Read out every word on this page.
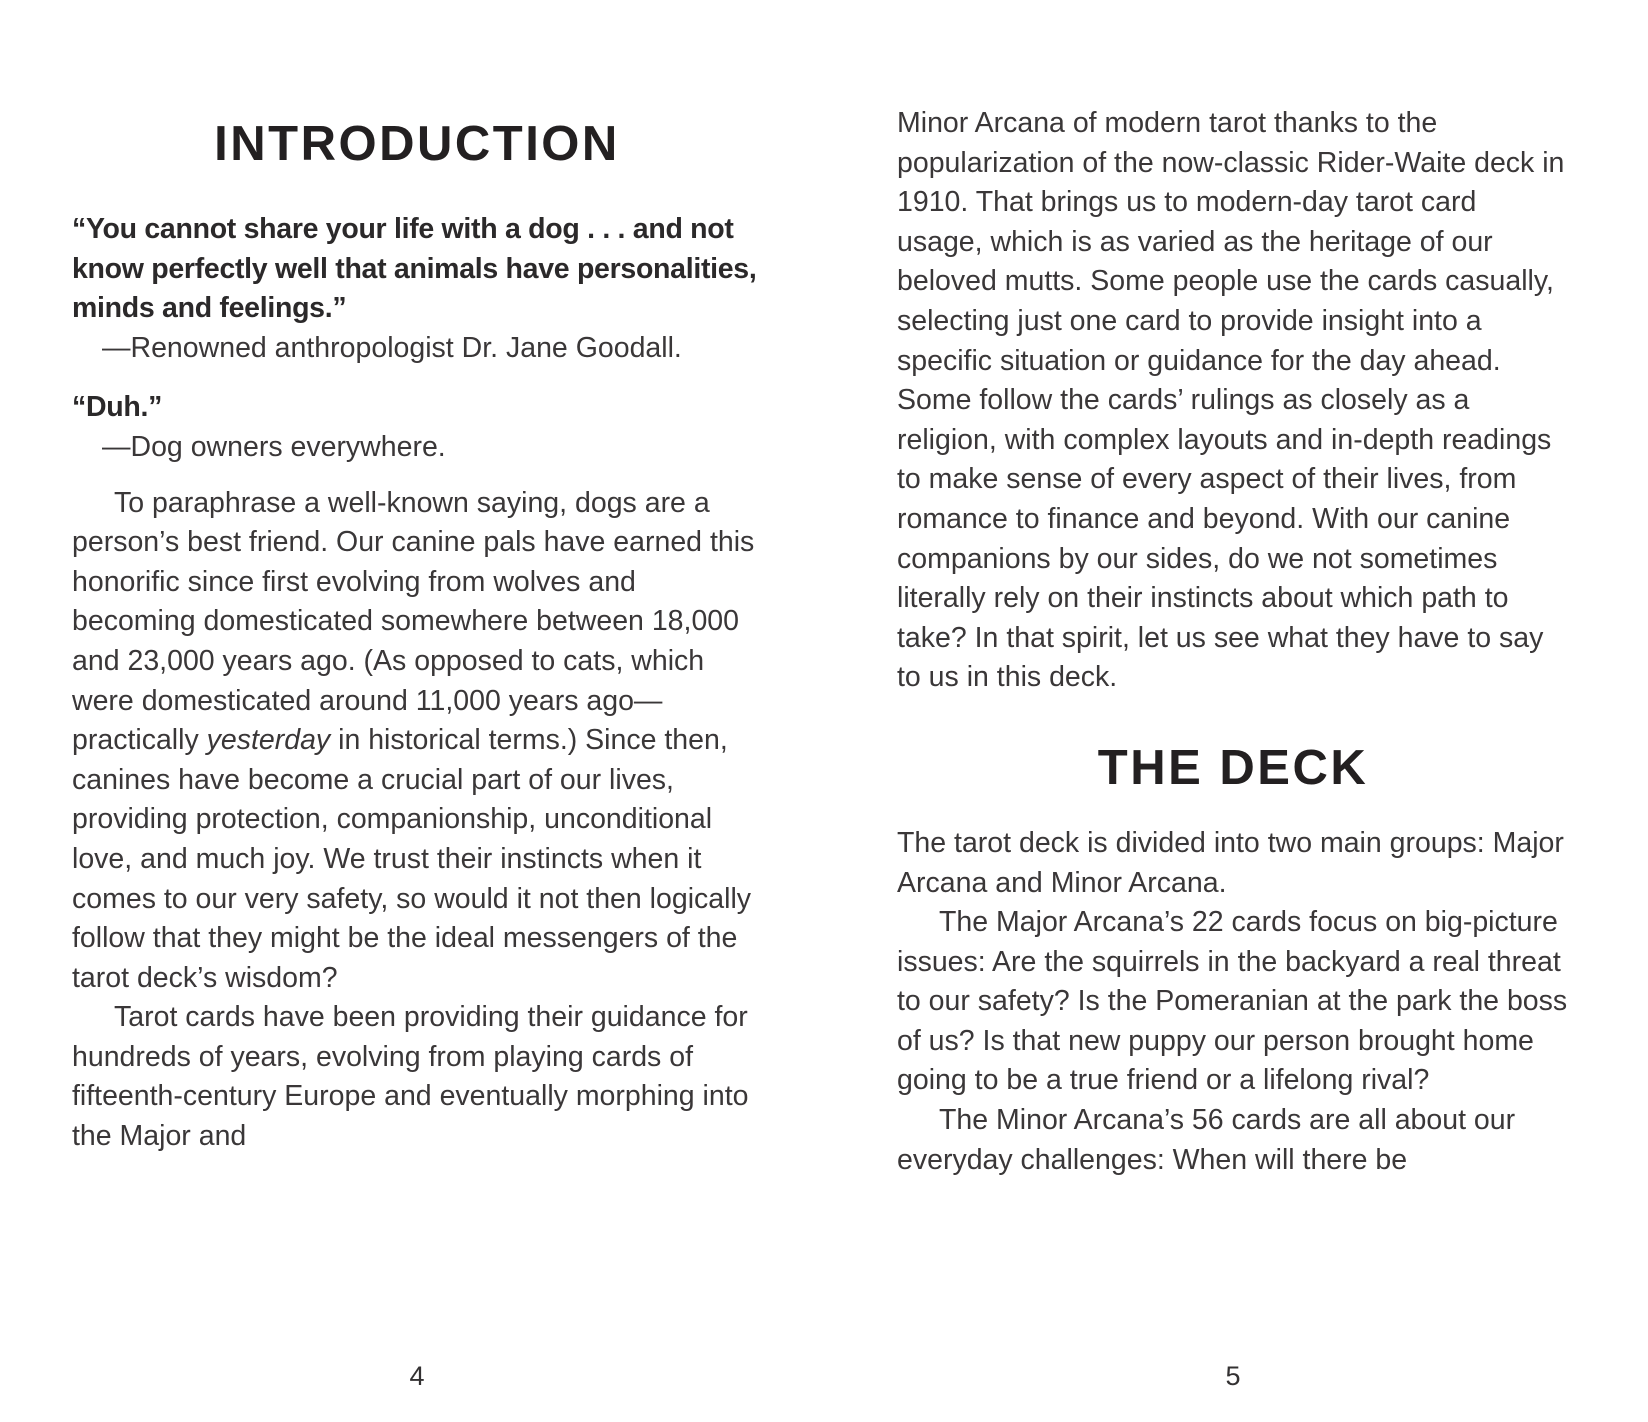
INTRODUCTION

“You cannot share your life with a dog . . . and not know perfectly well that animals have personalities, minds and feelings.”

—Renowned anthropologist Dr. Jane Goodall.

“Duh.”

—Dog owners everywhere.

To paraphrase a well-known saying, dogs are a person’s best friend. Our canine pals have earned this honorific since first evolving from wolves and becoming domesticated somewhere between 18,000 and 23,000 years ago. (As opposed to cats, which were domesticated around 11,000 years ago—practically yesterday in historical terms.) Since then, canines have become a crucial part of our lives, providing protection, companionship, unconditional love, and much joy. We trust their instincts when it comes to our very safety, so would it not then logically follow that they might be the ideal messengers of the tarot deck’s wisdom?

Tarot cards have been providing their guidance for hundreds of years, evolving from playing cards of fifteenth-century Europe and eventually morphing into the Major and

4

Minor Arcana of modern tarot thanks to the popularization of the now-classic Rider-Waite deck in 1910. That brings us to modern-day tarot card usage, which is as varied as the heritage of our beloved mutts. Some people use the cards casually, selecting just one card to provide insight into a specific situation or guidance for the day ahead. Some follow the cards’ rulings as closely as a religion, with complex layouts and in-depth readings to make sense of every aspect of their lives, from romance to finance and beyond. With our canine companions by our sides, do we not sometimes literally rely on their instincts about which path to take? In that spirit, let us see what they have to say to us in this deck.

THE DECK

The tarot deck is divided into two main groups: Major Arcana and Minor Arcana.

The Major Arcana’s 22 cards focus on big-picture issues: Are the squirrels in the backyard a real threat to our safety? Is the Pomeranian at the park the boss of us? Is that new puppy our person brought home going to be a true friend or a lifelong rival?

The Minor Arcana’s 56 cards are all about our everyday challenges: When will there be

5
